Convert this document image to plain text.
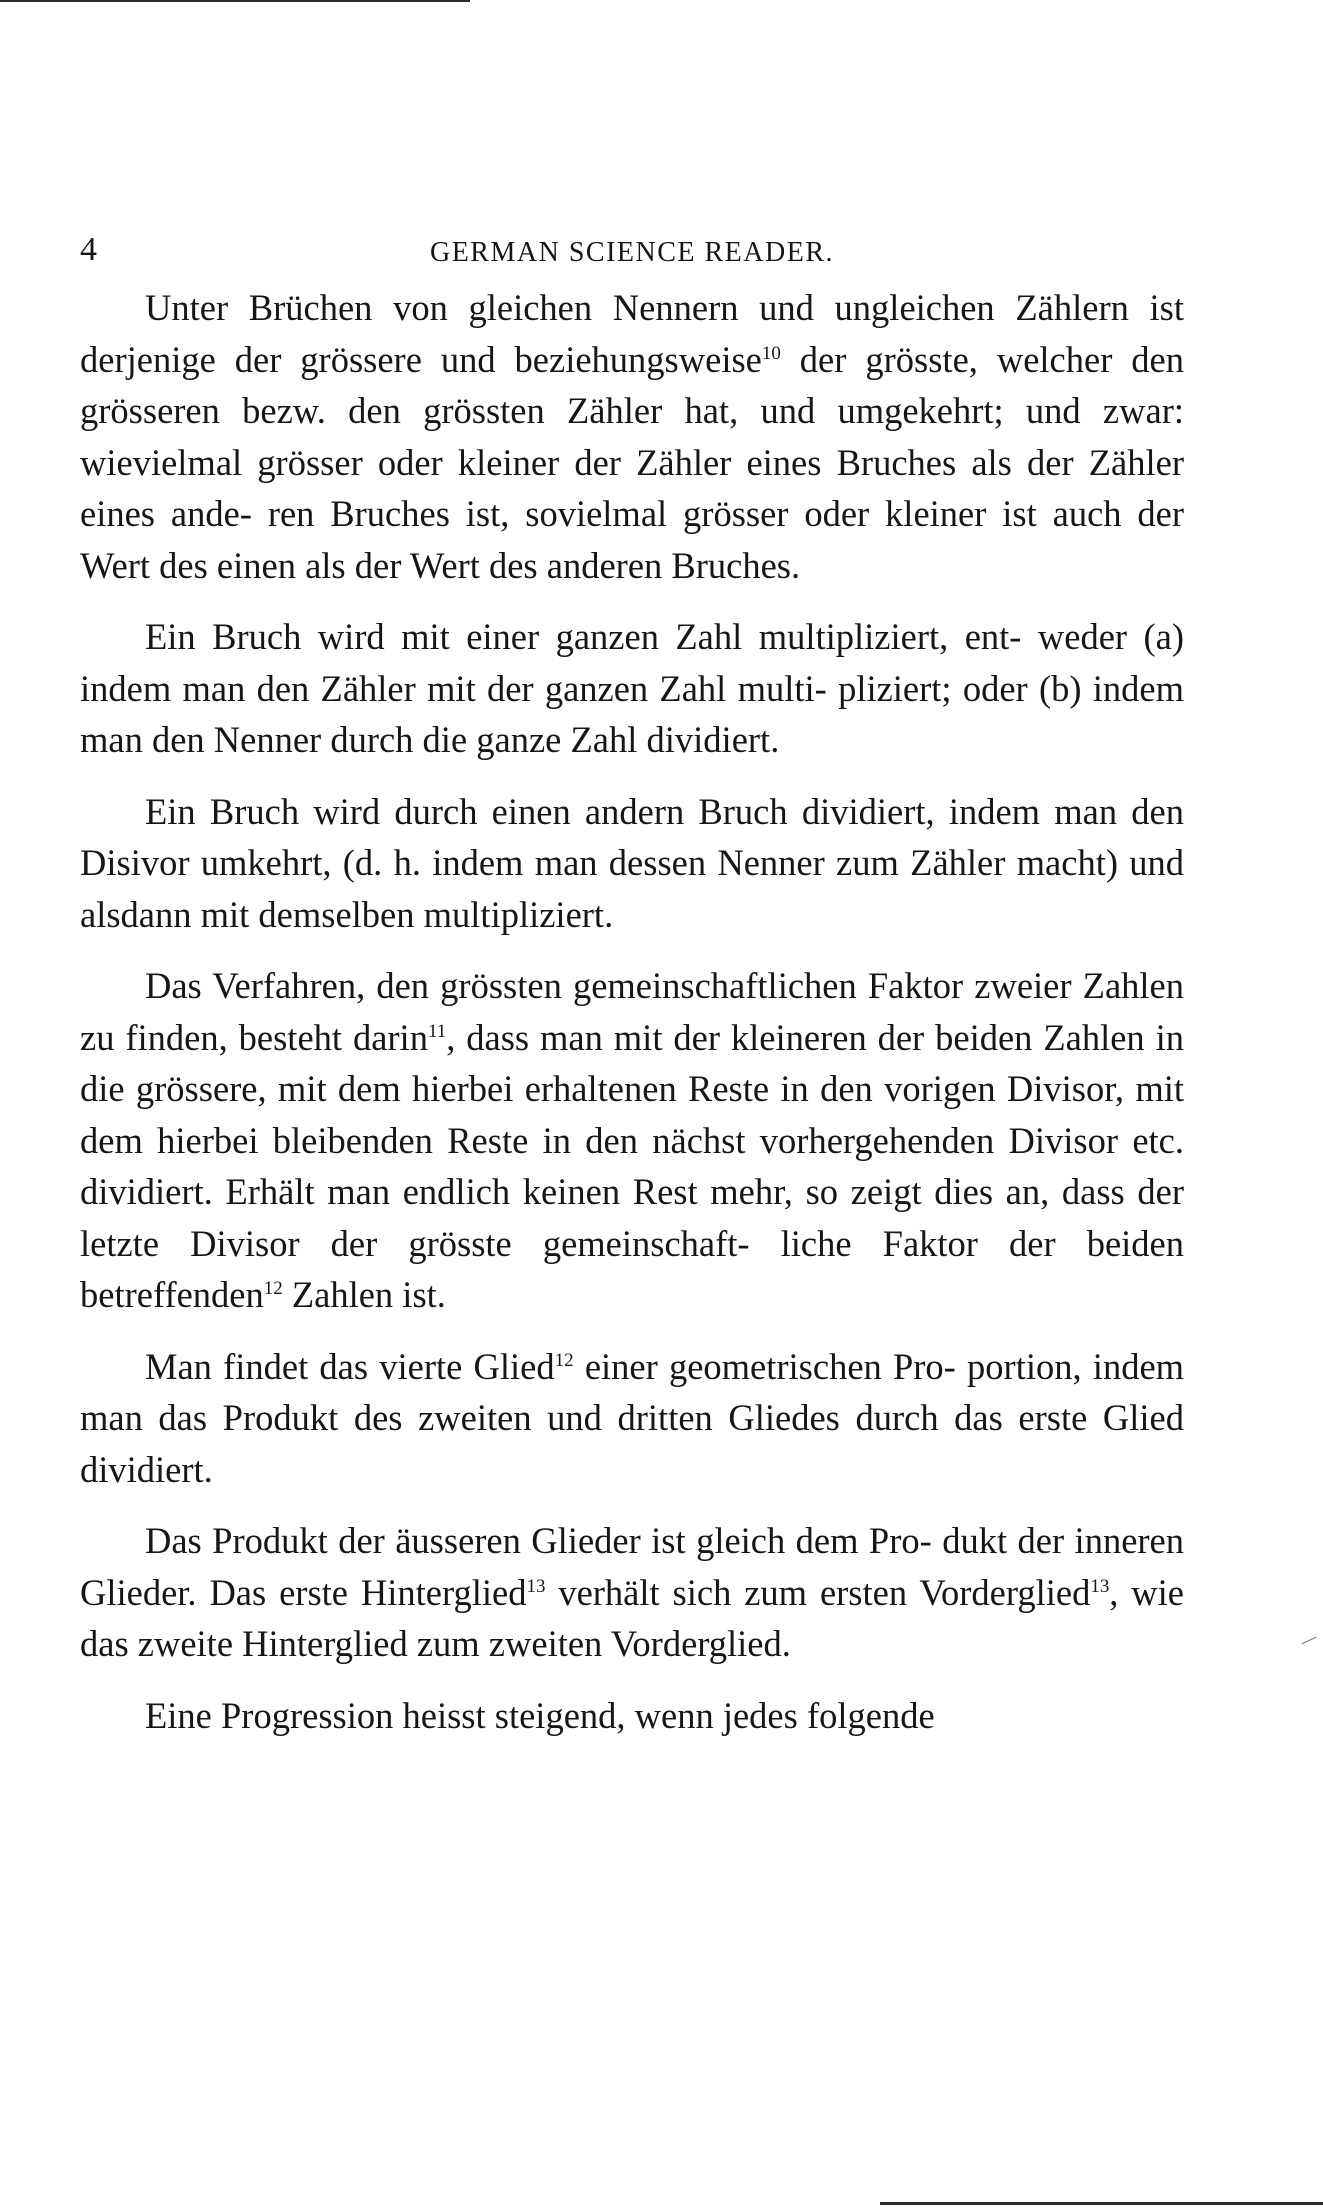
4	GERMAN SCIENCE READER.

Unter Brüchen von gleichen Nennern und ungleichen Zählern ist derjenige der grössere und beziehungsweise$^{10}$ der grösste, welcher den grösseren bezw. den grössten Zähler hat, und umgekehrt; und zwar: wievielmal grösser oder kleiner der Zähler eines Bruches als der Zähler eines ande- ren Bruches ist, sovielmal grösser oder kleiner ist auch der Wert des einen als der Wert des anderen Bruches.

Ein Bruch wird mit einer ganzen Zahl multipliziert, ent- weder (a) indem man den Zähler mit der ganzen Zahl multi- pliziert; oder (b) indem man den Nenner durch die ganze Zahl dividiert.

Ein Bruch wird durch einen andern Bruch dividiert, indem man den Disivor umkehrt, (d. h. indem man dessen Nenner zum Zähler macht) und alsdann mit demselben multipliziert.

Das Verfahren, den grössten gemeinschaftlichen Faktor zweier Zahlen zu finden, besteht darin$^{11}$, dass man mit der kleineren der beiden Zahlen in die grössere, mit dem hierbei erhaltenen Reste in den vorigen Divisor, mit dem hierbei bleibenden Reste in den nächst vorhergehenden Divisor etc. dividiert. Erhält man endlich keinen Rest mehr, so zeigt dies an, dass der letzte Divisor der grösste gemeinschaft- liche Faktor der beiden betreffenden$^{12}$ Zahlen ist.

Man findet das vierte Glied$^{12}$ einer geometrischen Pro- portion, indem man das Produkt des zweiten und dritten Gliedes durch das erste Glied dividiert.

Das Produkt der äusseren Glieder ist gleich dem Pro- dukt der inneren Glieder. Das erste Hinterglied$^{13}$ verhält sich zum ersten Vorderglied$^{13}$, wie das zweite Hinterglied zum zweiten Vorderglied.

Eine Progression heisst steigend, wenn jedes folgende
